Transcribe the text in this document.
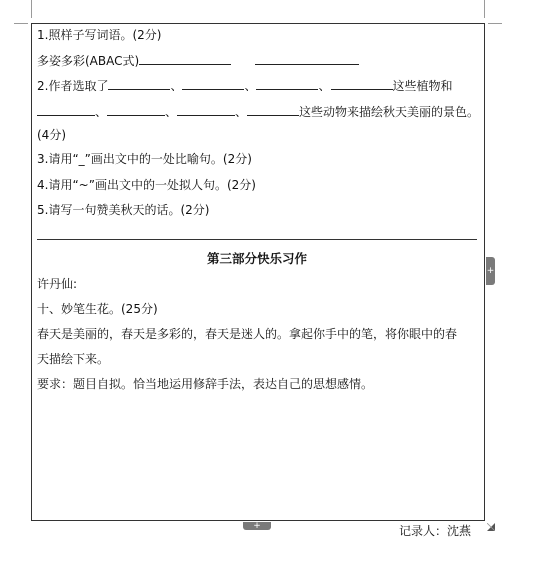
1.照样子写词语。(2分)
多姿多彩(ABAC式)
2.作者选取了	、	、	、	这些植物和
、	、	、	这些动物来描绘秋天美丽的景色。
(4分)
3.请用“_”画出文中的一处比喻句。(2分)
4.请用“~”画出文中的一处拟人句。(2分)
5.请写一句赞美秋天的话。(2分)
第三部分快乐习作
许丹仙:
十、妙笔生花。(25分)
春天是美丽的，春天是多彩的，春天是迷人的。拿起你手中的笔，将你眼中的春
天描绘下来。
要求：题目自拟。恰当地运用修辞手法，表达自己的思想感情。
+
+	记录人：沈燕
